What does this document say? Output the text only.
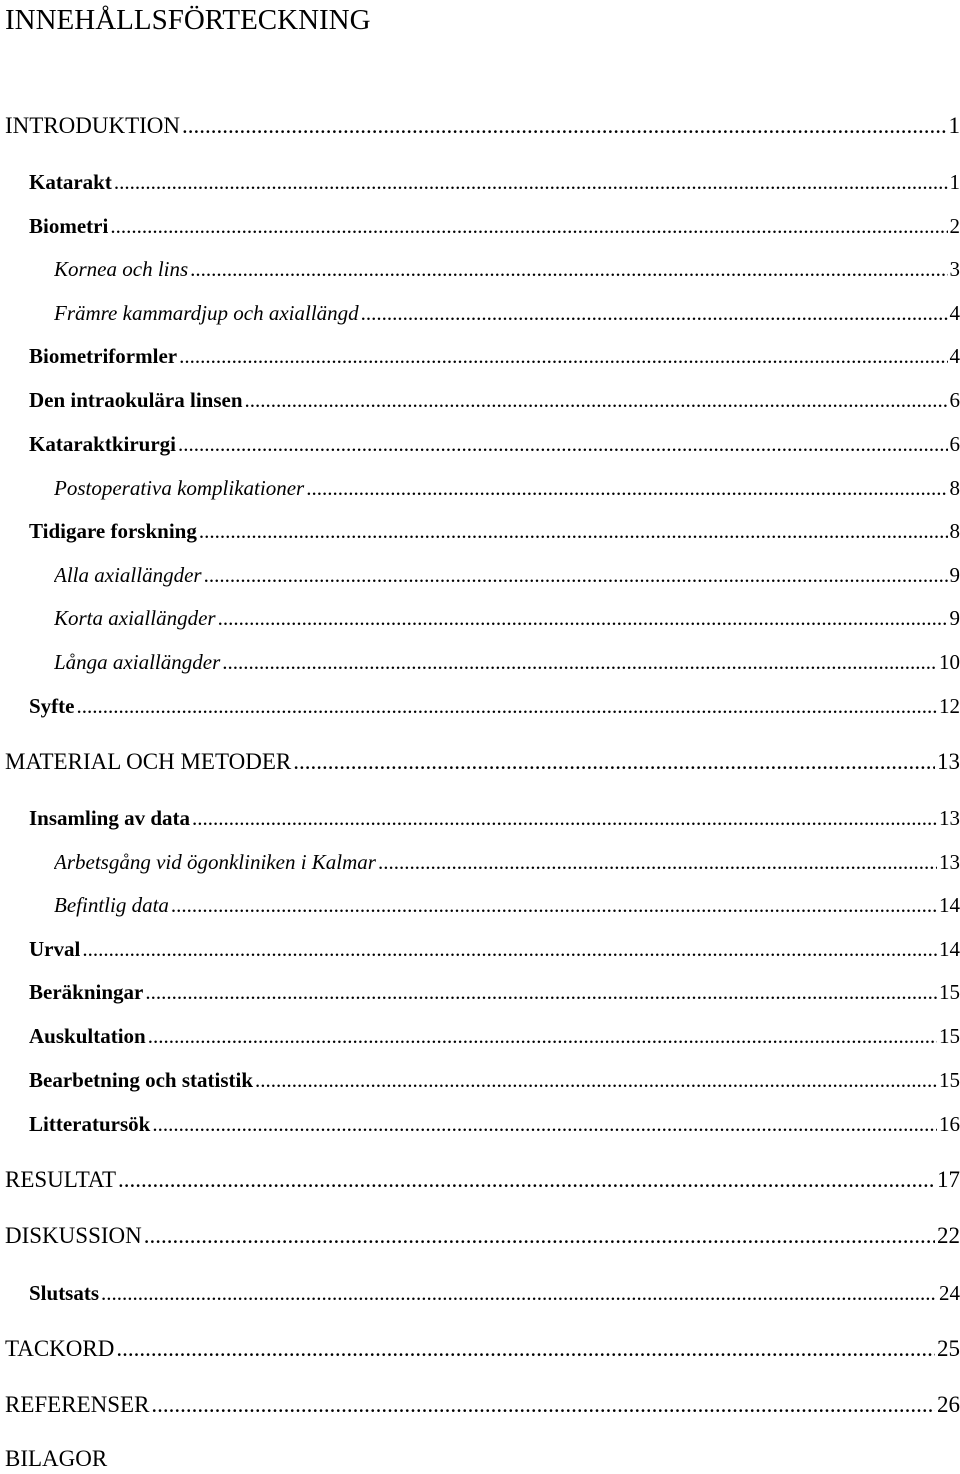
INNEHÅLLSFÖRTECKNING
INTRODUKTION .....	1
Katarakt .....	1
Biometri .....	2
Kornea och lins .....	3
Främre kammardjup och axiallängd .....	4
Biometriformler .....	4
Den intraokulära linsen .....	6
Kataraktkirurgi .....	6
Postoperativa komplikationer .....	8
Tidigare forskning .....	8
Alla axiallängder .....	9
Korta axiallängder .....	9
Långa axiallängder .....	10
Syfte .....	12
MATERIAL OCH METODER .....	13
Insamling av data .....	13
Arbetsgång vid ögonkliniken i Kalmar .....	13
Befintlig data .....	14
Urval .....	14
Beräkningar .....	15
Auskultation .....	15
Bearbetning och statistik .....	15
Litteratursök .....	16
RESULTAT .....	17
DISKUSSION .....	22
Slutsats .....	24
TACKORD .....	25
REFERENSER .....	26
BILAGOR
